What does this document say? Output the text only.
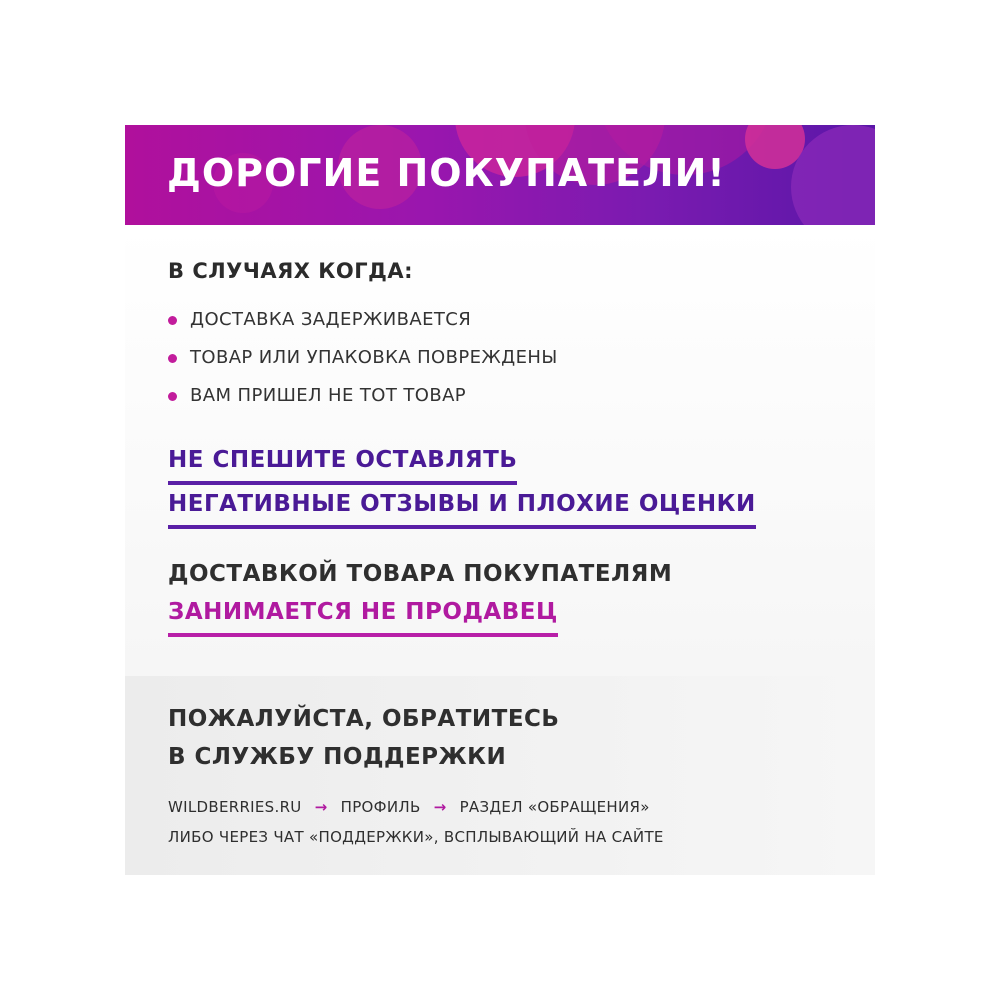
ДОРОГИЕ ПОКУПАТЕЛИ!
В СЛУЧАЯХ КОГДА:
ДОСТАВКА ЗАДЕРЖИВАЕТСЯ
ТОВАР ИЛИ УПАКОВКА ПОВРЕЖДЕНЫ
ВАМ ПРИШЕЛ НЕ ТОТ ТОВАР
НЕ СПЕШИТЕ ОСТАВЛЯТЬ
НЕГАТИВНЫЕ ОТЗЫВЫ И ПЛОХИЕ ОЦЕНКИ
ДОСТАВКОЙ ТОВАРА ПОКУПАТЕЛЯМ
ЗАНИМАЕТСЯ НЕ ПРОДАВЕЦ
ПОЖАЛУЙСТА, ОБРАТИТЕСЬ
В СЛУЖБУ ПОДДЕРЖКИ
WILDBERRIES.RU → ПРОФИЛЬ → РАЗДЕЛ «ОБРАЩЕНИЯ»
ЛИБО ЧЕРЕЗ ЧАТ «ПОДДЕРЖКИ», ВСПЛЫВАЮЩИЙ НА САЙТЕ
